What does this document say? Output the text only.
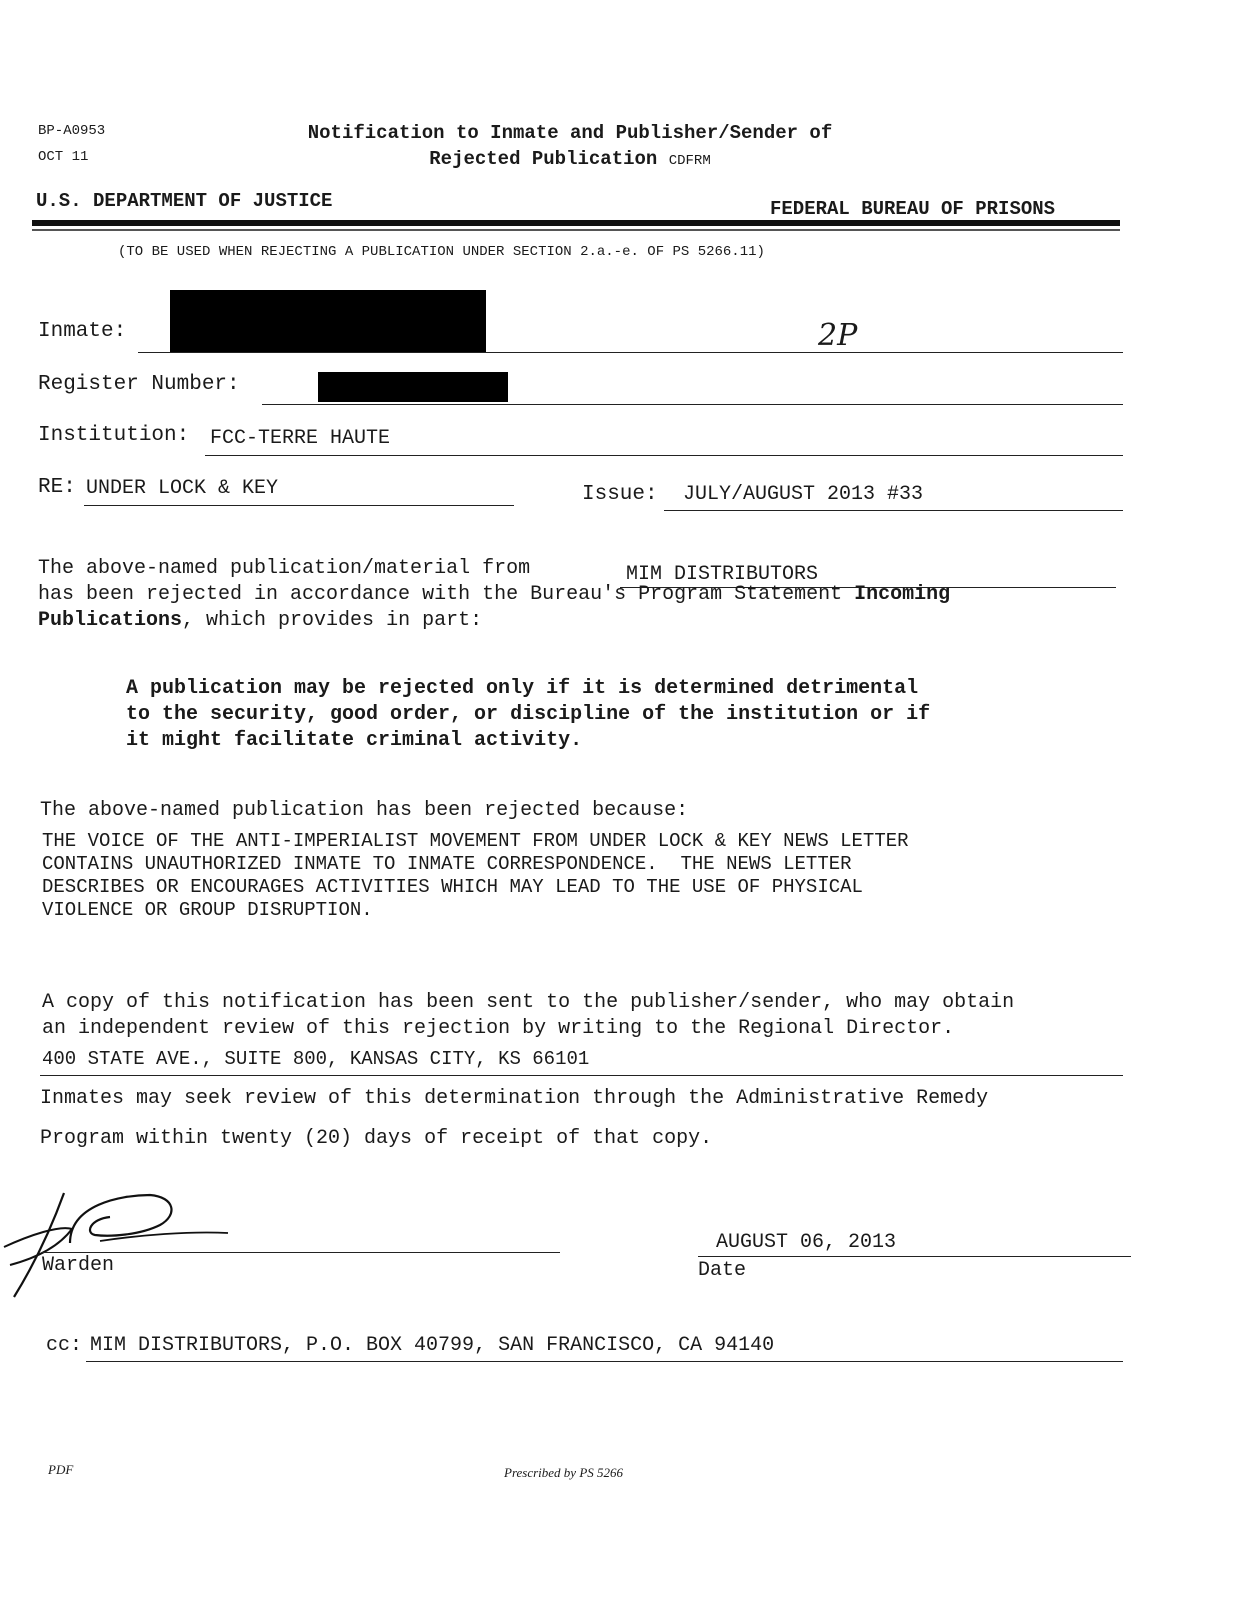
BP-A0953
OCT 11
Notification to Inmate and Publisher/Sender of
Rejected Publication CDFRM
U.S. DEPARTMENT OF JUSTICE	FEDERAL BUREAU OF PRISONS
(TO BE USED WHEN REJECTING A PUBLICATION UNDER SECTION 2.a.-e. OF PS 5266.11)
Inmate:	2P
Register Number:
Institution: FCC-TERRE HAUTE
RE: UNDER LOCK & KEY	Issue: JULY/AUGUST 2013 #33
The above-named publication/material from	MIM DISTRIBUTORS
has been rejected in accordance with the Bureau's Program Statement Incoming
Publications, which provides in part:
A publication may be rejected only if it is determined detrimental
to the security, good order, or discipline of the institution or if
it might facilitate criminal activity.
The above-named publication has been rejected because:
THE VOICE OF THE ANTI-IMPERIALIST MOVEMENT FROM UNDER LOCK & KEY NEWS LETTER
CONTAINS UNAUTHORIZED INMATE TO INMATE CORRESPONDENCE.  THE NEWS LETTER
DESCRIBES OR ENCOURAGES ACTIVITIES WHICH MAY LEAD TO THE USE OF PHYSICAL
VIOLENCE OR GROUP DISRUPTION.
A copy of this notification has been sent to the publisher/sender, who may obtain
an independent review of this rejection by writing to the Regional Director.
400 STATE AVE., SUITE 800, KANSAS CITY, KS 66101
Inmates may seek review of this determination through the Administrative Remedy
Program within twenty (20) days of receipt of that copy.
Warden
AUGUST 06, 2013
Date
cc: MIM DISTRIBUTORS, P.O. BOX 40799, SAN FRANCISCO, CA 94140
PDF	Prescribed by PS 5266
